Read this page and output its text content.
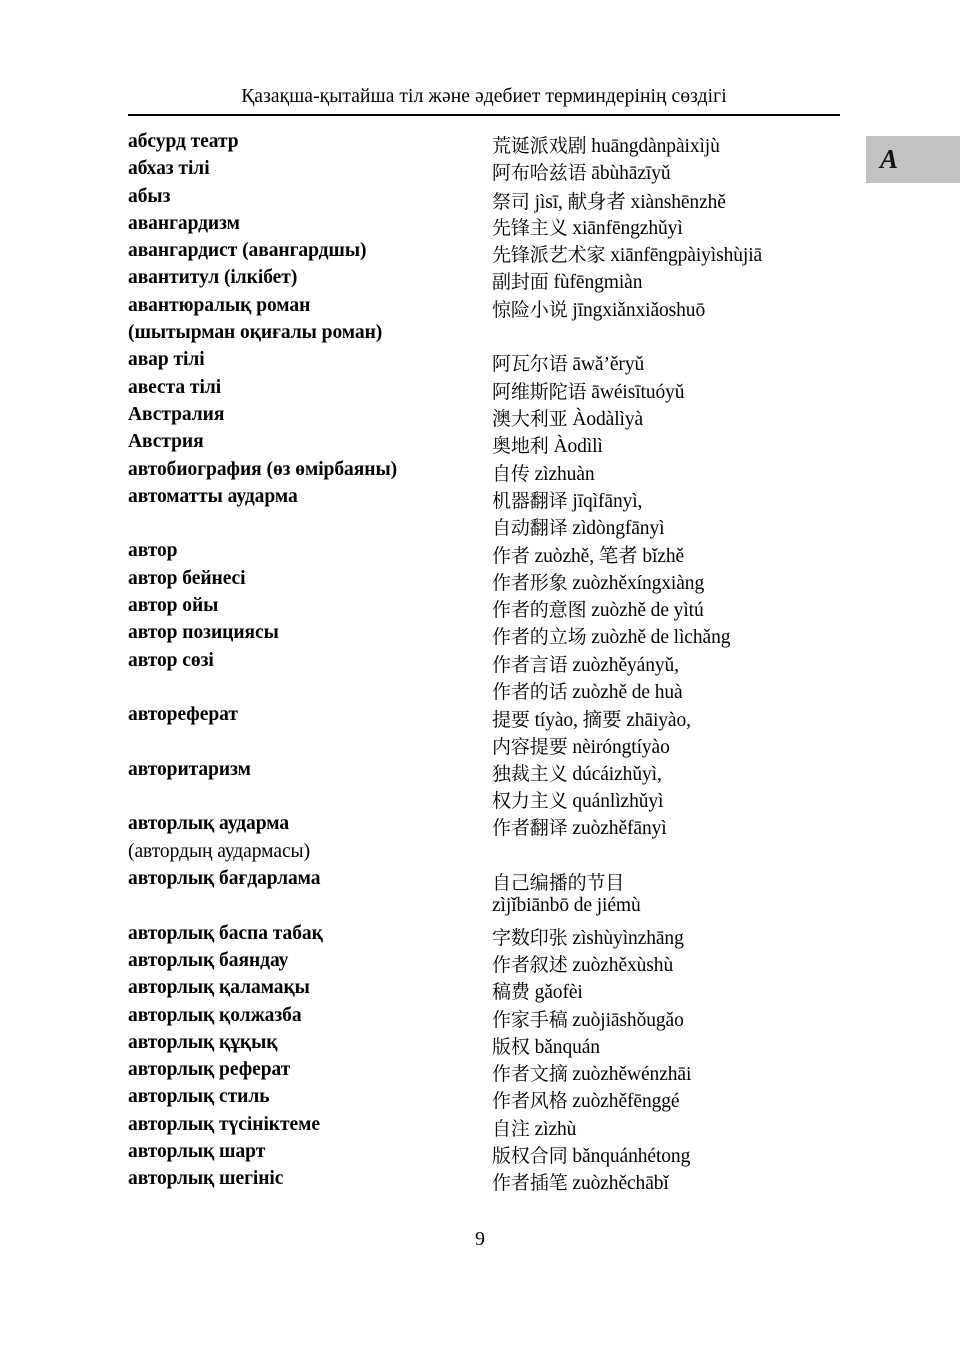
Қазақша-қытайша тіл және әдебиет терминдерінің сөздігі
A
абсурд театр	荒诞派戏剧 huāngdànpàixìjù
абхаз тілі	阿布哈兹语 ābùhāzīyǔ
абыз	祭司 jìsī, 献身者 xiànshēnzhě
авангардизм	先锋主义 xiānfēngzhǔyì
авангардист (авангардшы)	先锋派艺术家 xiānfēngpàiyìshùjiā
авантитул (ілкібет)	副封面 fùfēngmiàn
авантюралық роман	惊险小说 jīngxiǎnxiǎoshuō
(шытырман оқиғалы роман)
авар тілі	阿瓦尔语 āwǎ’ěryǔ
авеста тілі	阿维斯陀语 āwéisītuóyǔ
Австралия	澳大利亚 Àodàlìyà
Австрия	奥地利 Àodìlì
автобиография (өз өмірбаяны)	自传 zìzhuàn
автоматты аударма	机器翻译 jīqìfānyì,
自动翻译 zìdòngfānyì
автор	作者 zuòzhě, 笔者 bǐzhě
автор бейнесі	作者形象 zuòzhěxíngxiàng
автор ойы	作者的意图 zuòzhě de yìtú
автор позициясы	作者的立场 zuòzhě de lìchǎng
автор сөзі	作者言语 zuòzhěyányǔ,
作者的话 zuòzhě de huà
автореферат	提要 tíyào, 摘要 zhāiyào,
内容提要 nèiróngtíyào
авторитаризм	独裁主义 dúcáizhǔyì,
权力主义 quánlìzhǔyì
авторлық аударма	作者翻译 zuòzhěfānyì
(автордың аудармасы)
авторлық бағдарлама	自己编播的节目
zìjǐbiānbō de jiémù
авторлық баспа табақ	字数印张 zìshùyìnzhāng
авторлық баяндау	作者叙述 zuòzhěxùshù
авторлық қаламақы	稿费 gǎofèi
авторлық қолжазба	作家手稿 zuòjiāshǒugǎo
авторлық құқық	版权 bǎnquán
авторлық реферат	作者文摘 zuòzhěwénzhāi
авторлық стиль	作者风格 zuòzhěfēnggé
авторлық түсініктеме	自注 zìzhù
авторлық шарт	版权合同 bǎnquánhétong
авторлық шегініс	作者插笔 zuòzhěchābǐ
9
